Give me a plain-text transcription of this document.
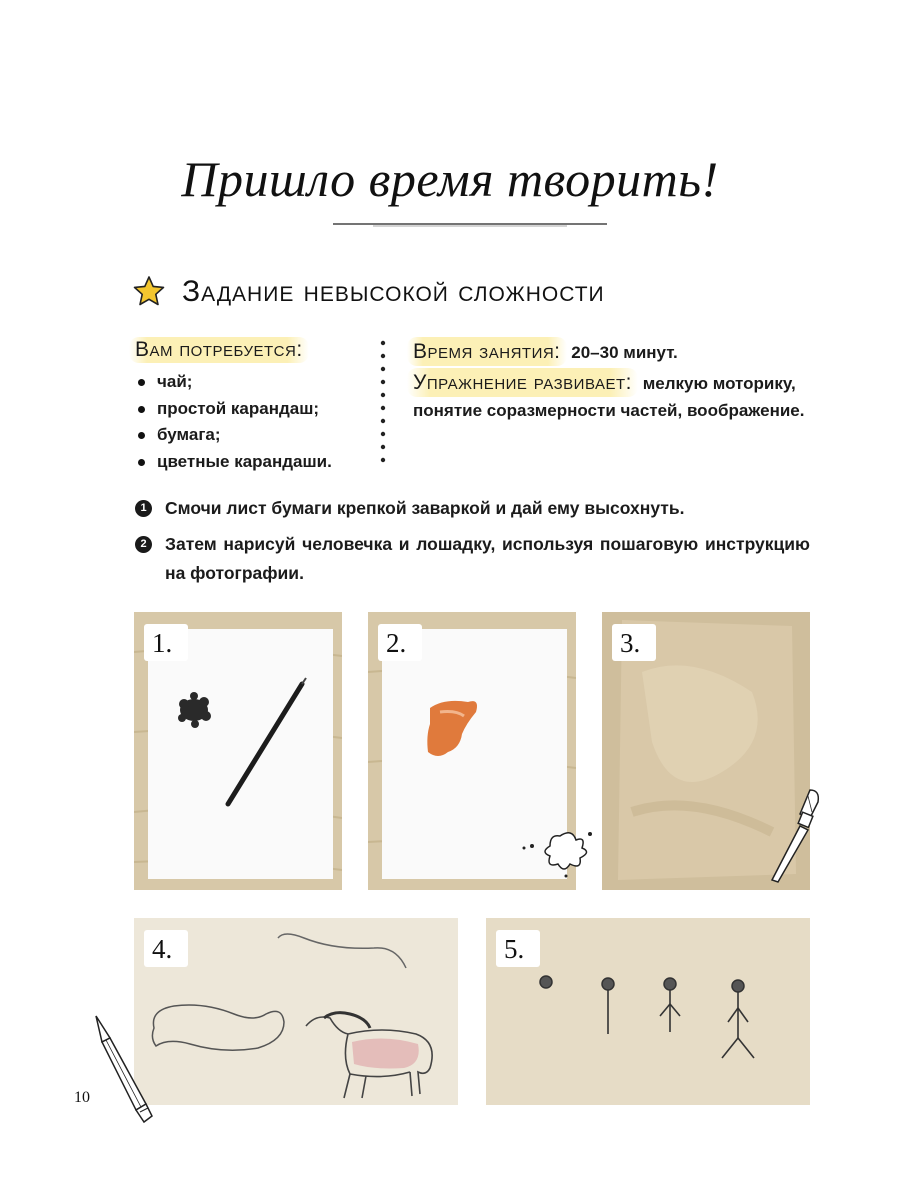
Пришло время творить!
Задание невысокой сложности
Вам потребуется:
чай;
простой карандаш;
бумага;
цветные карандаши.
Время занятия: 20–30 минут.
Упражнение развивает: мелкую моторику, понятие соразмерности частей, воображение.
1	Смочи лист бумаги крепкой заваркой и дай ему высохнуть.
2	Затем нарисуй человечка и лошадку, используя пошаговую инструкцию на фотографии.
1.	2.	3.
4.	5.
10
